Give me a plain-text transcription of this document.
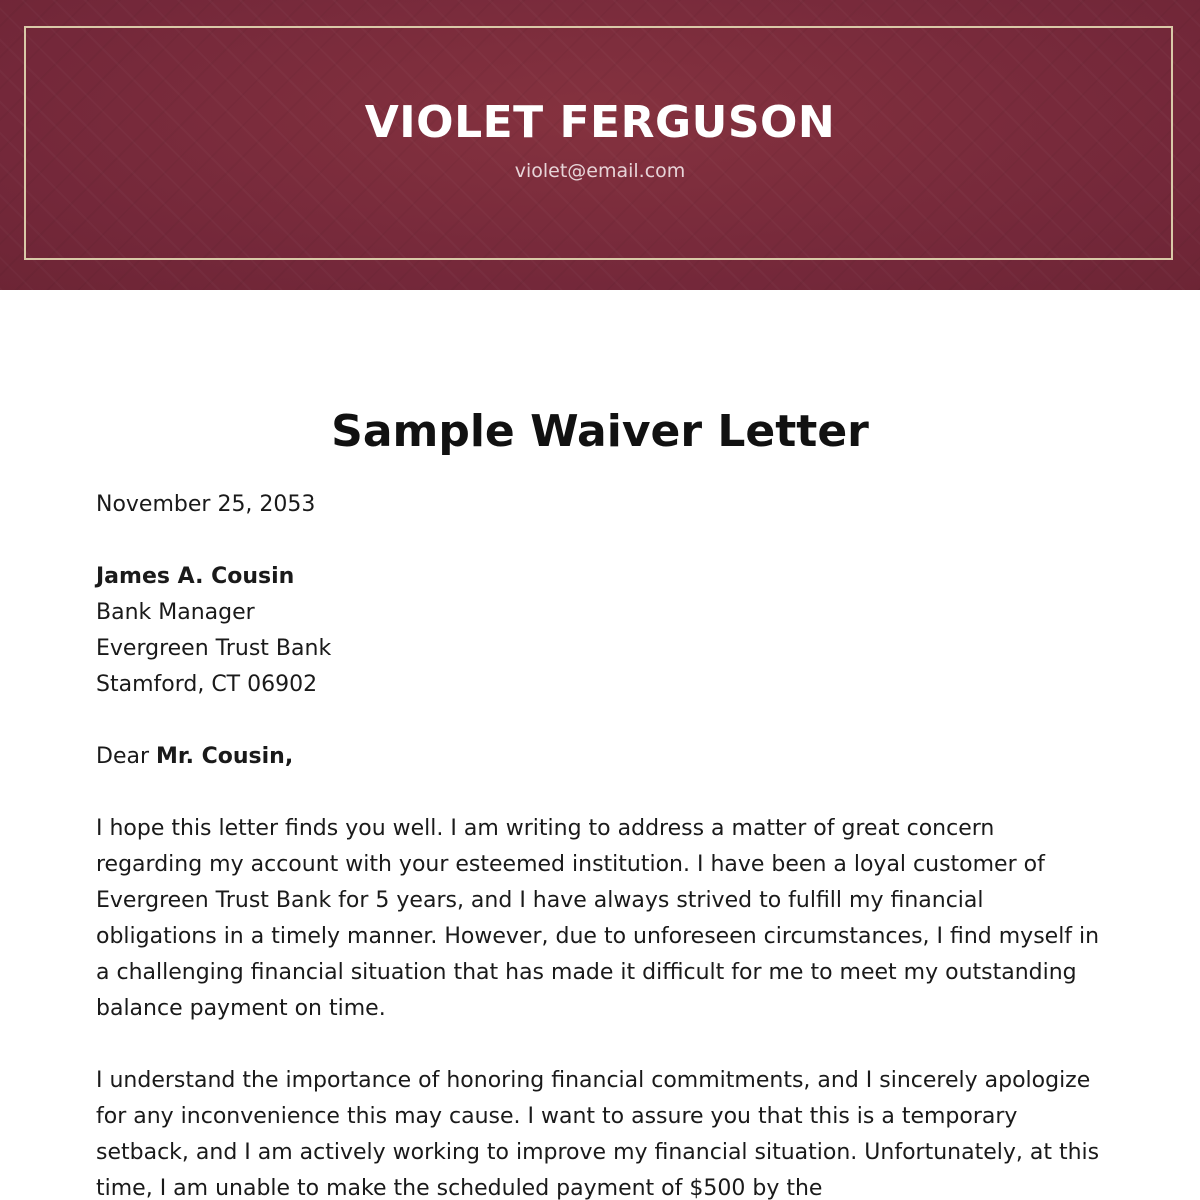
VIOLET FERGUSON
violet@email.com
Sample Waiver Letter
November 25, 2053

James A. Cousin

Bank Manager

Evergreen Trust Bank

Stamford, CT 06902

Dear Mr. Cousin,
I hope this letter finds you well. I am writing to address a matter of great concern regarding my account with your esteemed institution. I have been a loyal customer of Evergreen Trust Bank for 5 years, and I have always strived to fulfill my financial obligations in a timely manner. However, due to unforeseen circumstances, I find myself in a challenging financial situation that has made it difficult for me to meet my outstanding balance payment on time.
I understand the importance of honoring financial commitments, and I sincerely apologize for any inconvenience this may cause. I want to assure you that this is a temporary setback, and I am actively working to improve my financial situation. Unfortunately, at this time, I am unable to make the scheduled payment of $500 by the
